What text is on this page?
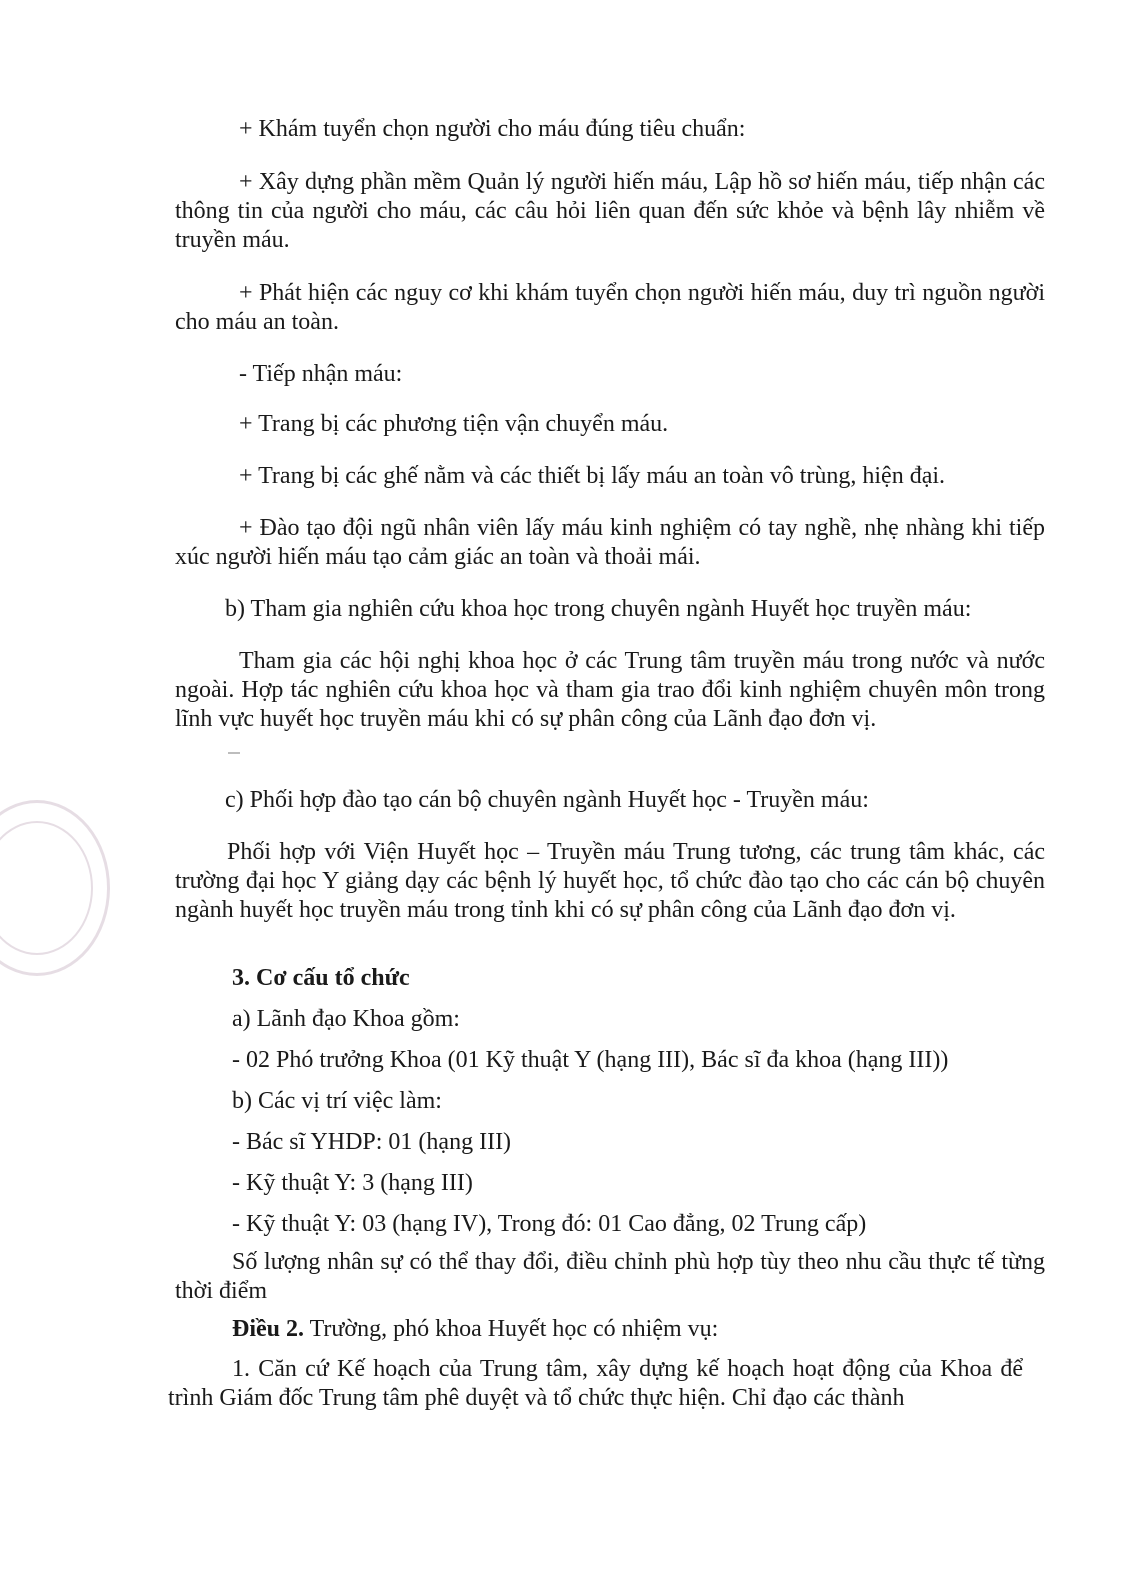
+ Khám tuyển chọn người cho máu đúng tiêu chuẩn:

+ Xây dựng phần mềm Quản lý người hiến máu, Lập hồ sơ hiến máu, tiếp nhận các thông tin của người cho máu, các câu hỏi liên quan đến sức khỏe và bệnh lây nhiễm về truyền máu.

+ Phát hiện các nguy cơ khi khám tuyển chọn người hiến máu, duy trì nguồn người cho máu an toàn.

- Tiếp nhận máu:

+ Trang bị các phương tiện vận chuyển máu.

+ Trang bị các ghế nằm và các thiết bị lấy máu an toàn vô trùng, hiện đại.

+ Đào tạo đội ngũ nhân viên lấy máu kinh nghiệm có tay nghề, nhẹ nhàng khi tiếp xúc người hiến máu tạo cảm giác an toàn và thoải mái.

b) Tham gia nghiên cứu khoa học trong chuyên ngành Huyết học truyền máu:

Tham gia các hội nghị khoa học ở các Trung tâm truyền máu trong nước và nước ngoài. Hợp tác nghiên cứu khoa học và tham gia trao đổi kinh nghiệm chuyên môn trong lĩnh vực huyết học truyền máu khi có sự phân công của Lãnh đạo đơn vị.

c) Phối hợp đào tạo cán bộ chuyên ngành Huyết học - Truyền máu:

Phối hợp với Viện Huyết học – Truyền máu Trung tương, các trung tâm khác, các trường đại học Y giảng dạy các bệnh lý huyết học, tổ chức đào tạo cho các cán bộ chuyên ngành huyết học truyền máu trong tỉnh khi có sự phân công của Lãnh đạo đơn vị.

3. Cơ cấu tổ chức

a) Lãnh đạo Khoa gồm:

- 02 Phó trưởng Khoa (01 Kỹ thuật Y (hạng III), Bác sĩ đa khoa (hạng III))

b) Các vị trí việc làm:

- Bác sĩ YHDP: 01 (hạng III)

- Kỹ thuật Y: 3 (hạng III)

- Kỹ thuật Y: 03 (hạng IV), Trong đó: 01 Cao đẳng, 02 Trung cấp)

Số lượng nhân sự có thể thay đổi, điều chỉnh phù hợp tùy theo nhu cầu thực tế từng thời điểm

Điều 2. Trường, phó khoa Huyết học có nhiệm vụ:

1. Căn cứ Kế hoạch của Trung tâm, xây dựng kế hoạch hoạt động của Khoa để trình Giám đốc Trung tâm phê duyệt và tổ chức thực hiện. Chỉ đạo các thành
